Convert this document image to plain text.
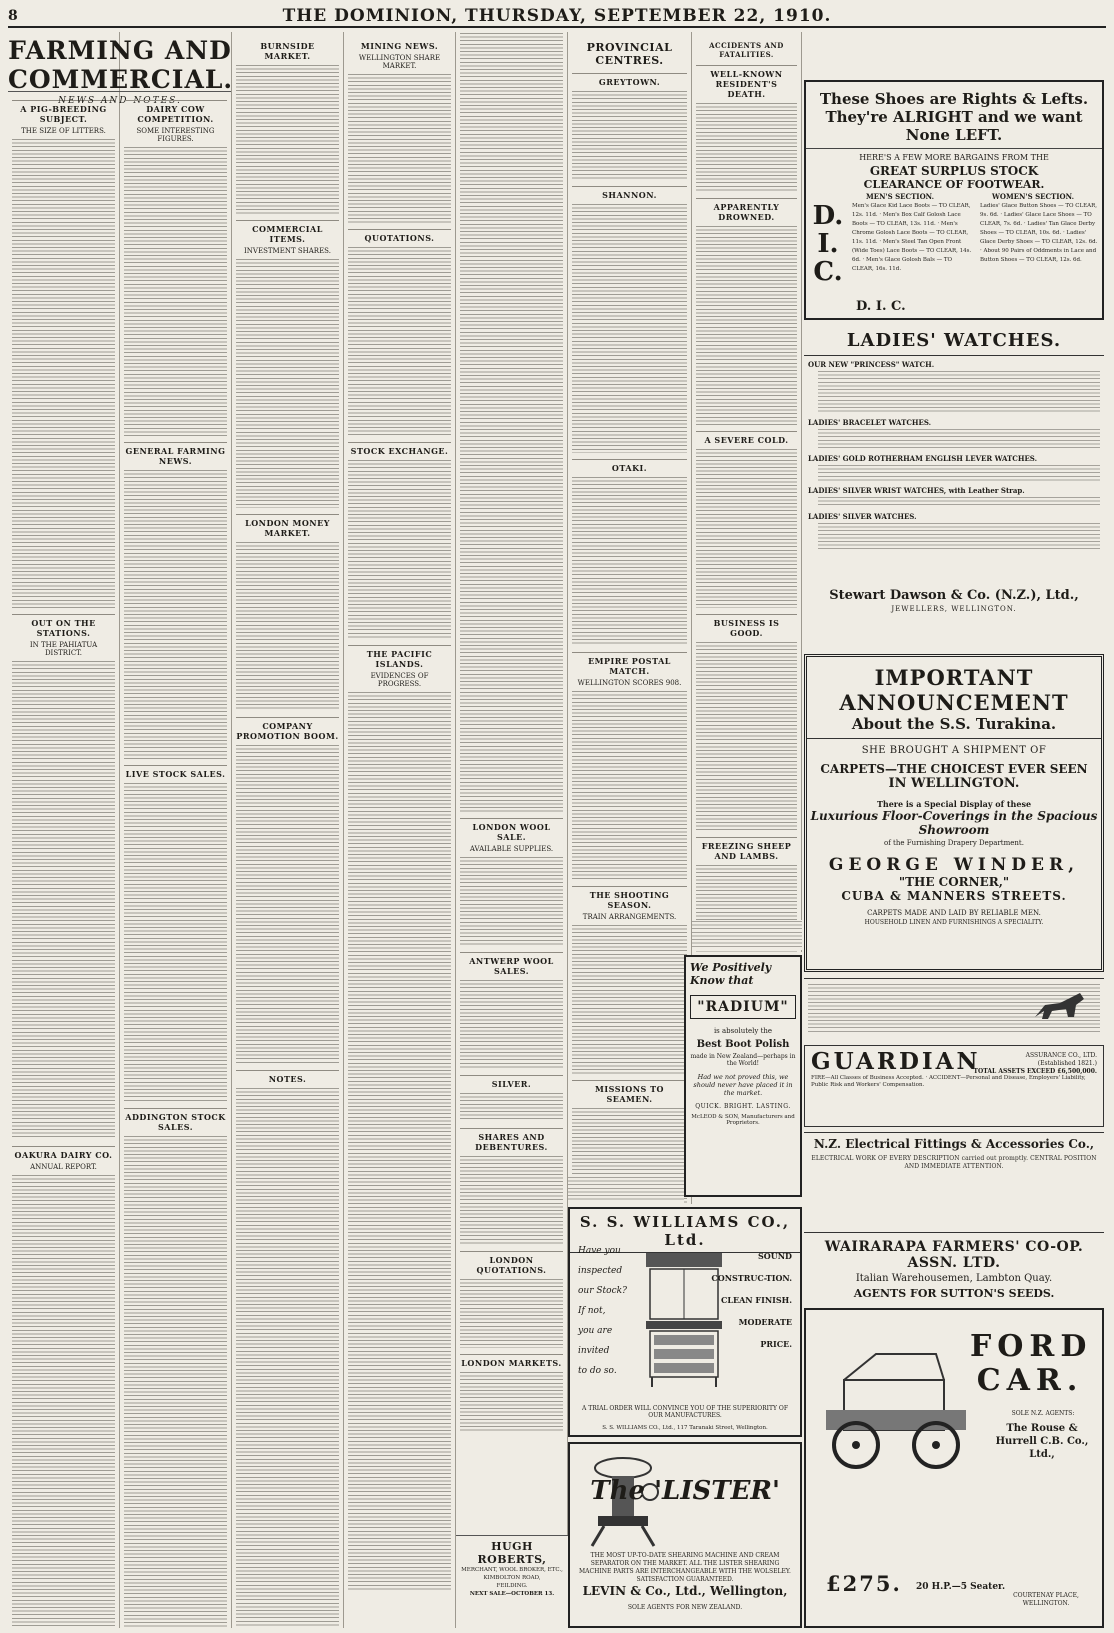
8	THE DOMINION, THURSDAY, SEPTEMBER 22, 1910.
A PIG-BREEDING SUBJECT.
THE SIZE OF LITTERS.
OUT ON THE STATIONS.
IN THE PAHIATUA DISTRICT.
OAKURA DAIRY CO.
ANNUAL REPORT.
FARMING AND COMMERCIAL.
NEWS AND NOTES.
DAIRY COW COMPETITION.
SOME INTERESTING FIGURES.
GENERAL FARMING NEWS.
LIVE STOCK SALES.
ADDINGTON STOCK SALES.
BURNSIDE MARKET.
COMMERCIAL ITEMS.
INVESTMENT SHARES.
LONDON MONEY MARKET.
COMPANY PROMOTION BOOM.
NOTES.
MINING NEWS.
WELLINGTON SHARE MARKET.
QUOTATIONS.
STOCK EXCHANGE.
THE PACIFIC ISLANDS.
EVIDENCES OF PROGRESS.
LONDON WOOL SALE.
AVAILABLE SUPPLIES.
ANTWERP WOOL SALES.
SILVER.
SHARES AND DEBENTURES.
LONDON QUOTATIONS.
LONDON MARKETS.
PROVINCIAL CENTRES.
GREYTOWN.
SHANNON.
OTAKI.
EMPIRE POSTAL MATCH.
WELLINGTON SCORES 908.
THE SHOOTING SEASON.
TRAIN ARRANGEMENTS.
MISSIONS TO SEAMEN.
ACCIDENTS AND FATALITIES.
WELL-KNOWN RESIDENT'S DEATH.
APPARENTLY DROWNED.
A SEVERE COLD.
BUSINESS IS GOOD.
FREEZING SHEEP AND LAMBS.
These Shoes are Rights & Lefts. They're ALRIGHT and we want None LEFT.
HERE'S A FEW MORE BARGAINS FROM THE
GREAT SURPLUS STOCK
CLEARANCE OF FOOTWEAR.
D.
I.
C.
MEN'S SECTION.	WOMEN'S SECTION.
Men's Glace Kid Lace Boots — TO CLEAR, 12s. 11d. · Men's Box Calf Golosh Lace Boots — TO CLEAR, 13s. 11d. · Men's Chrome Golosh Lace Boots — TO CLEAR, 11s. 11d. · Men's Steel Tan Open Front (Wide Toes) Lace Boots — TO CLEAR, 14s. 6d. · Men's Glace Golosh Bals — TO CLEAR, 16s. 11d.
Ladies' Glace Button Shoes — TO CLEAR, 9s. 6d. · Ladies' Glace Lace Shoes — TO CLEAR, 7s. 6d. · Ladies' Tan Glace Derby Shoes — TO CLEAR, 10s. 6d. · Ladies' Glace Derby Shoes — TO CLEAR, 12s. 6d. · About 90 Pairs of Oddments in Lace and Button Shoes — TO CLEAR, 12s. 6d.
D. I. C.
LADIES' WATCHES.
OUR NEW "PRINCESS" WATCH.
LADIES' BRACELET WATCHES.
LADIES' GOLD ROTHERHAM ENGLISH LEVER WATCHES.
LADIES' SILVER WRIST WATCHES, with Leather Strap.
LADIES' SILVER WATCHES.
Stewart Dawson & Co. (N.Z.), Ltd.,
JEWELLERS, WELLINGTON.
IMPORTANT ANNOUNCEMENT
About the S.S. Turakina.
SHE BROUGHT A SHIPMENT OF
CARPETS—THE CHOICEST EVER SEEN
IN WELLINGTON.
There is a Special Display of these
Luxurious Floor-Coverings in the Spacious Showroom
of the Furnishing Drapery Department.
GEORGE WINDER,
"THE CORNER,"
CUBA & MANNERS STREETS.
CARPETS MADE AND LAID BY RELIABLE MEN.
HOUSEHOLD LINEN AND FURNISHINGS A SPECIALITY.
GUARDIAN	ASSURANCE CO., LTD.
(Established 1821.)
TOTAL ASSETS EXCEED £6,500,000.
FIRE—All Classes of Business Accepted. · ACCIDENT—Personal and Disease, Employers' Liability, Public Risk and Workers' Compensation.
N.Z. Electrical Fittings & Accessories Co.,
ELECTRICAL WORK OF EVERY DESCRIPTION carried out promptly. CENTRAL POSITION AND IMMEDIATE ATTENTION.
WAIRARAPA FARMERS' CO-OP. ASSN. LTD.
Italian Warehousemen, Lambton Quay.
AGENTS FOR SUTTON'S SEEDS.
FORD CAR.
SOLE N.Z. AGENTS:
The Rouse & Hurrell C.B. Co., Ltd.,
£275. 20 H.P.—5 Seater.
COURTENAY PLACE, WELLINGTON.
We Positively Know that
"RADIUM"
is absolutely the
Best Boot Polish
made in New Zealand—perhaps in the World!
Had we not proved this, we should never have placed it in the market.
QUICK. BRIGHT. LASTING.
McLEOD & SON, Manufacturers and Proprietors.
S. S. WILLIAMS CO., Ltd.
Have you
inspected
our Stock?
If not,
you are
invited
to do so.
SOUND
CONSTRUC-TION.
CLEAN FINISH.
MODERATE
PRICE.
A TRIAL ORDER WILL CONVINCE YOU OF THE SUPERIORITY OF OUR MANUFACTURES.
S. S. WILLIAMS CO., Ltd., 117 Taranaki Street, Wellington.
The 'LISTER'
THE MOST UP-TO-DATE SHEARING MACHINE AND CREAM SEPARATOR ON THE MARKET. ALL THE LISTER SHEARING MACHINE PARTS ARE INTERCHANGEABLE WITH THE WOLSELEY. SATISFACTION GUARANTEED.
LEVIN & Co., Ltd., Wellington,
SOLE AGENTS FOR NEW ZEALAND.
HUGH ROBERTS,
MERCHANT, WOOL BROKER, ETC.,
KIMBOLTON ROAD,
FEILDING.
NEXT SALE—OCTOBER 13.
